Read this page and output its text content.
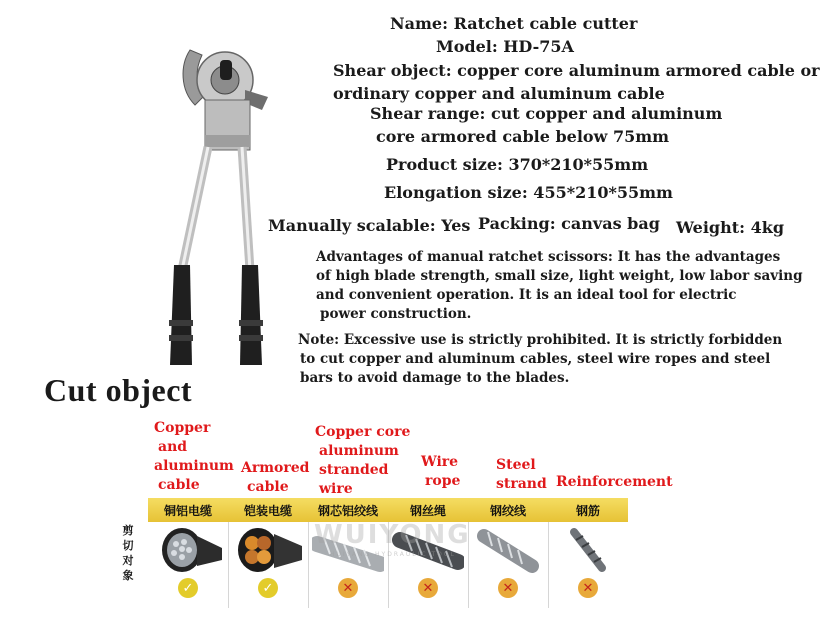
Name: Ratchet cable cutter
Model: HD-75A
Shear object: copper core aluminum armored cable or
ordinary copper and aluminum cable
Shear range: cut copper and aluminum
core armored cable below 75mm
Product size: 370*210*55mm
Elongation size: 455*210*55mm
Manually scalable: Yes Packing: canvas bag Weight: 4kg
Advantages of manual ratchet scissors: It has the advantages
of high blade strength, small size, light weight, low labor saving
and convenient operation. It is an ideal tool for electric
power construction.
Note: Excessive use is strictly prohibited. It is strictly forbidden
to cut copper and aluminum cables, steel wire ropes and steel
bars to avoid damage to the blades.
Cut object
Copper
and
aluminum
cable
Armored
cable
Copper core
aluminum
stranded
wire
Wire
rope
Steel
strand Reinforcement
剪
切
对
象
铜铝电缆
✓
铠装电缆
✓
钢芯铝绞线
✕
钢丝绳
✕
钢绞线
✕
钢筋
✕
WUIYONG
HUIYANG HYDRAULIC TOOL
